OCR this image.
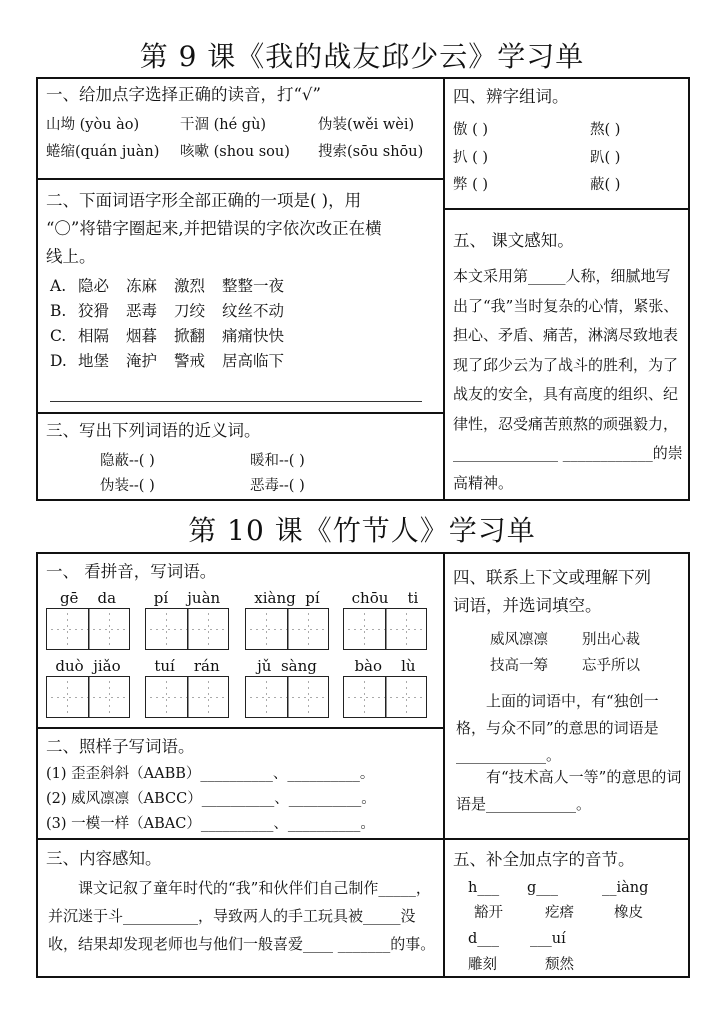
第 9 课《我的战友邱少云》学习单
一、给加点字选择正确的读音，打“√”
山坳 (yòu ào)	干涸 (hé gù)	伪装(wěi wèi)
蜷缩(quán juàn) 咳嗽 (shou sou) 搜索(sōu shōu)
二、下面词语字形全部正确的一项是( )，用
“〇”将错字圈起来,并把错误的字依次改正在横
线上。
A. 隐必 冻麻 激烈 整整一夜
B. 狡猾 恶毒 刀绞 纹丝不动
C. 相隔 烟暮 掀翻 痛痛快快
D. 地堡 淹护 警戒 居高临下
三、写出下列词语的近义词。
隐蔽--( )	暖和--( )
伪装--( )	恶毒--( )
四、辨字组词。
傲 ( )	熬( )
扒 ( )	趴( )
弊 ( )	蔽( )
五、 课文感知。
本文采用第_____人称，细腻地写出了“我”当时复杂的心情，紧张、担心、矛盾、痛苦，淋漓尽致地表现了邱少云为了战斗的胜利，为了战友的安全，具有高度的组织、纪律性，忍受痛苦煎熬的顽强毅力，______________ ____________的崇高精神。
第 10 课《竹节人》学习单
一、 看拼音，写词语。
gē da	pí juàn	xiàng pí	chōu ti
duò jiǎo	tuí rán	jǔ sàng	bào lù
二、照样子写词语。
(1) 歪歪斜斜（AABB）__________、__________。
(2) 威风凛凛（ABCC）__________、__________。
(3) 一模一样（ABAC）__________、__________。
三、内容感知。
课文记叙了童年时代的“我”和伙伴们自己制作_____，并沉迷于斗__________，导致两人的手工玩具被_____没收，结果却发现老师也与他们一般喜爱____ _______的事。
四、联系上下文或理解下列
词语，并选词填空。
威风凛凛 别出心裁
技高一筹 忘乎所以
上面的词语中，有“独创一格，与众不同”的意思的词语是____________。
有“技术高人一等”的意思的词语是____________。
五、补全加点字的音节。
h___ g___	__iàng
豁开	疙瘩	橡皮
d___ ___uí
雕刻	颓然
